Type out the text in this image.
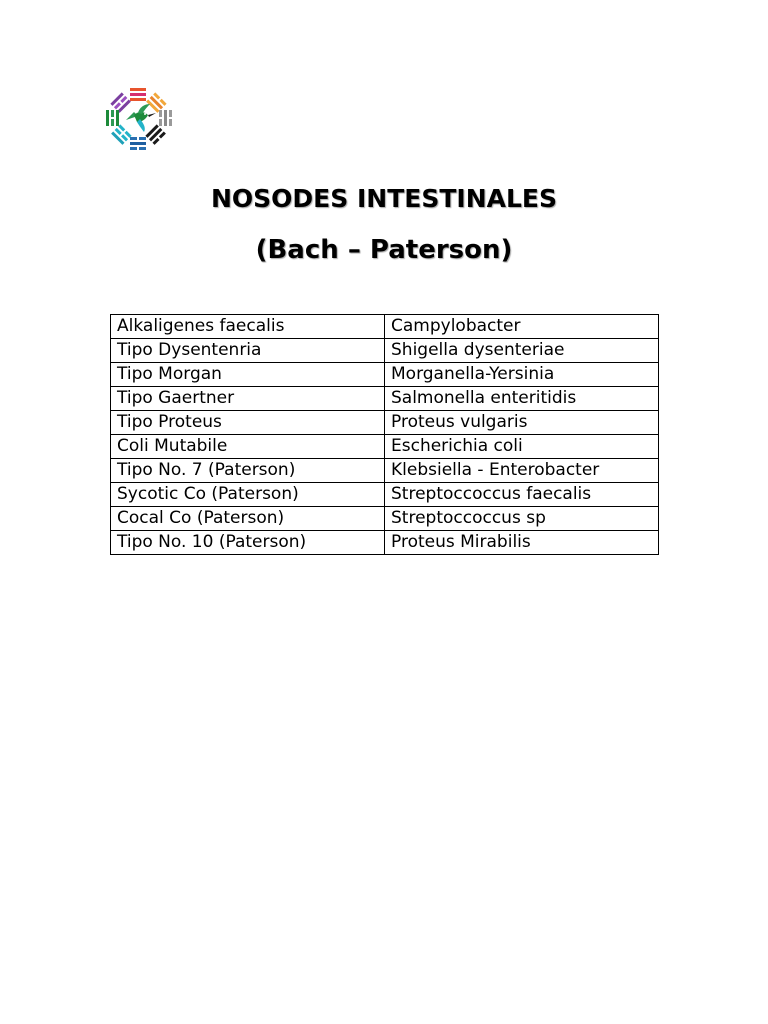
NOSODES INTESTINALES
(Bach – Paterson)
Alkaligenes faecalis	Campylobacter
Tipo Dysentenria	Shigella dysenteriae
Tipo Morgan	Morganella-Yersinia
Tipo Gaertner	Salmonella enteritidis
Tipo Proteus	Proteus vulgaris
Coli Mutabile	Escherichia coli
Tipo No. 7 (Paterson)	Klebsiella - Enterobacter
Sycotic Co (Paterson)	Streptoccoccus faecalis
Cocal Co (Paterson)	Streptoccoccus sp
Tipo No. 10 (Paterson)	Proteus Mirabilis
